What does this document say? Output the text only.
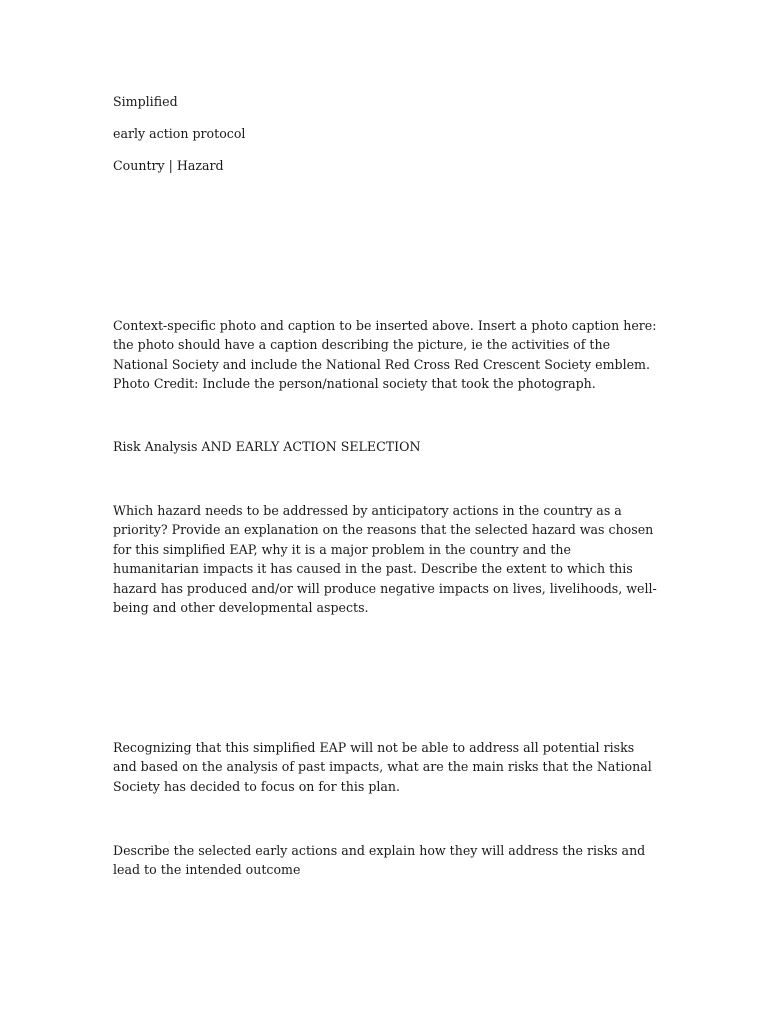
Simplified

early action protocol

Country | Hazard

Context-specific photo and caption to be inserted above. Insert a photo caption here: the photo should have a caption describing the picture, ie the activities of the National Society and include the National Red Cross Red Crescent Society emblem. Photo Credit: Include the person/national society that took the photograph.

Risk Analysis AND EARLY ACTION SELECTION

Which hazard needs to be addressed by anticipatory actions in the country as a priority? Provide an explanation on the reasons that the selected hazard was chosen for this simplified EAP, why it is a major problem in the country and the humanitarian impacts it has caused in the past. Describe the extent to which this hazard has produced and/or will produce negative impacts on lives, livelihoods, well-being and other developmental aspects.

Recognizing that this simplified EAP will not be able to address all potential risks and based on the analysis of past impacts, what are the main risks that the National Society has decided to focus on for this plan.

Describe the selected early actions and explain how they will address the risks and lead to the intended outcome
